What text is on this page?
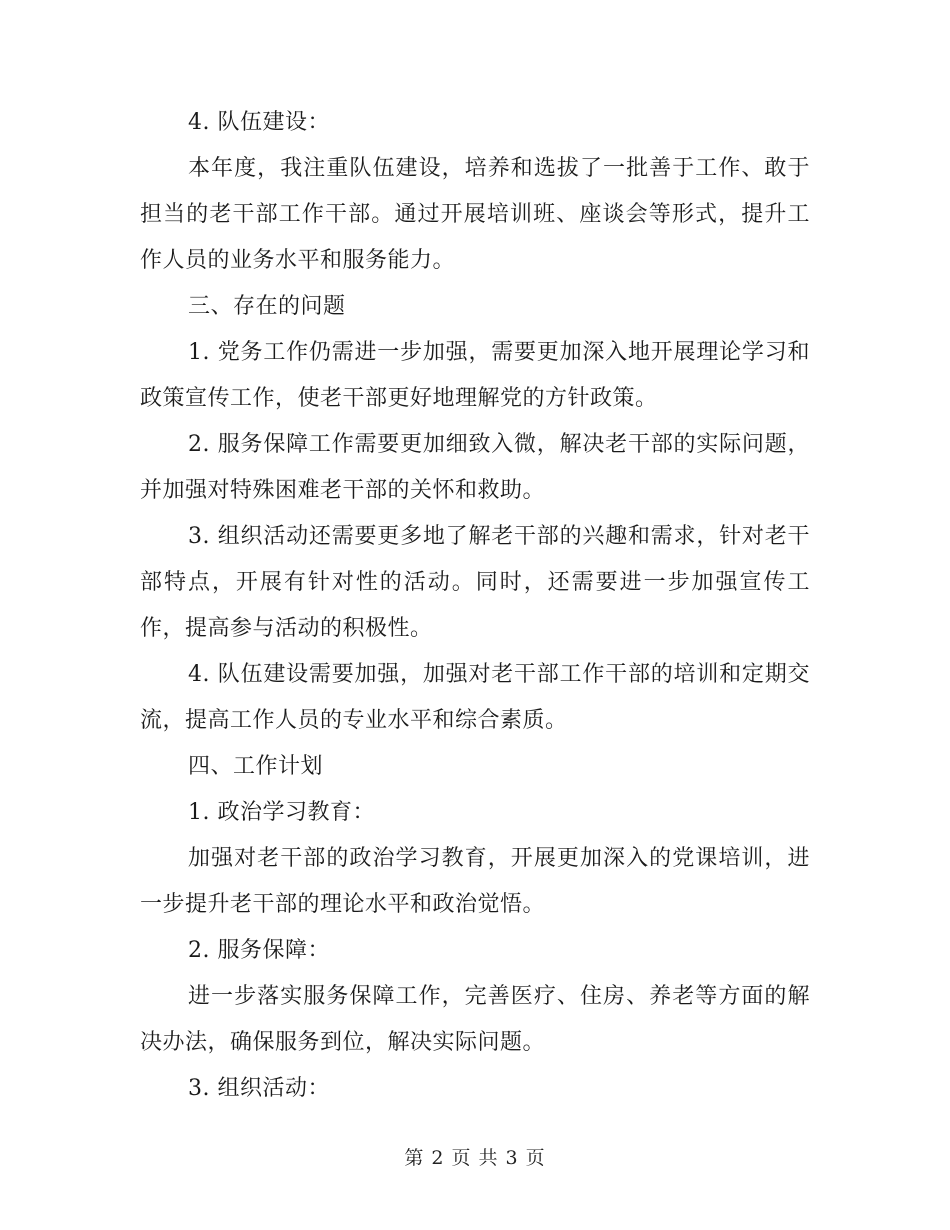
4. 队伍建设：

本年度，我注重队伍建设，培养和选拔了一批善于工作、敢于担当的老干部工作干部。通过开展培训班、座谈会等形式，提升工作人员的业务水平和服务能力。

三、存在的问题

1. 党务工作仍需进一步加强，需要更加深入地开展理论学习和政策宣传工作，使老干部更好地理解党的方针政策。

2. 服务保障工作需要更加细致入微，解决老干部的实际问题，并加强对特殊困难老干部的关怀和救助。

3. 组织活动还需要更多地了解老干部的兴趣和需求，针对老干部特点，开展有针对性的活动。同时，还需要进一步加强宣传工作，提高参与活动的积极性。

4. 队伍建设需要加强，加强对老干部工作干部的培训和定期交流，提高工作人员的专业水平和综合素质。

四、工作计划

1. 政治学习教育：

加强对老干部的政治学习教育，开展更加深入的党课培训，进一步提升老干部的理论水平和政治觉悟。

2. 服务保障：

进一步落实服务保障工作，完善医疗、住房、养老等方面的解决办法，确保服务到位，解决实际问题。

3. 组织活动：

第 2 页 共 3 页
